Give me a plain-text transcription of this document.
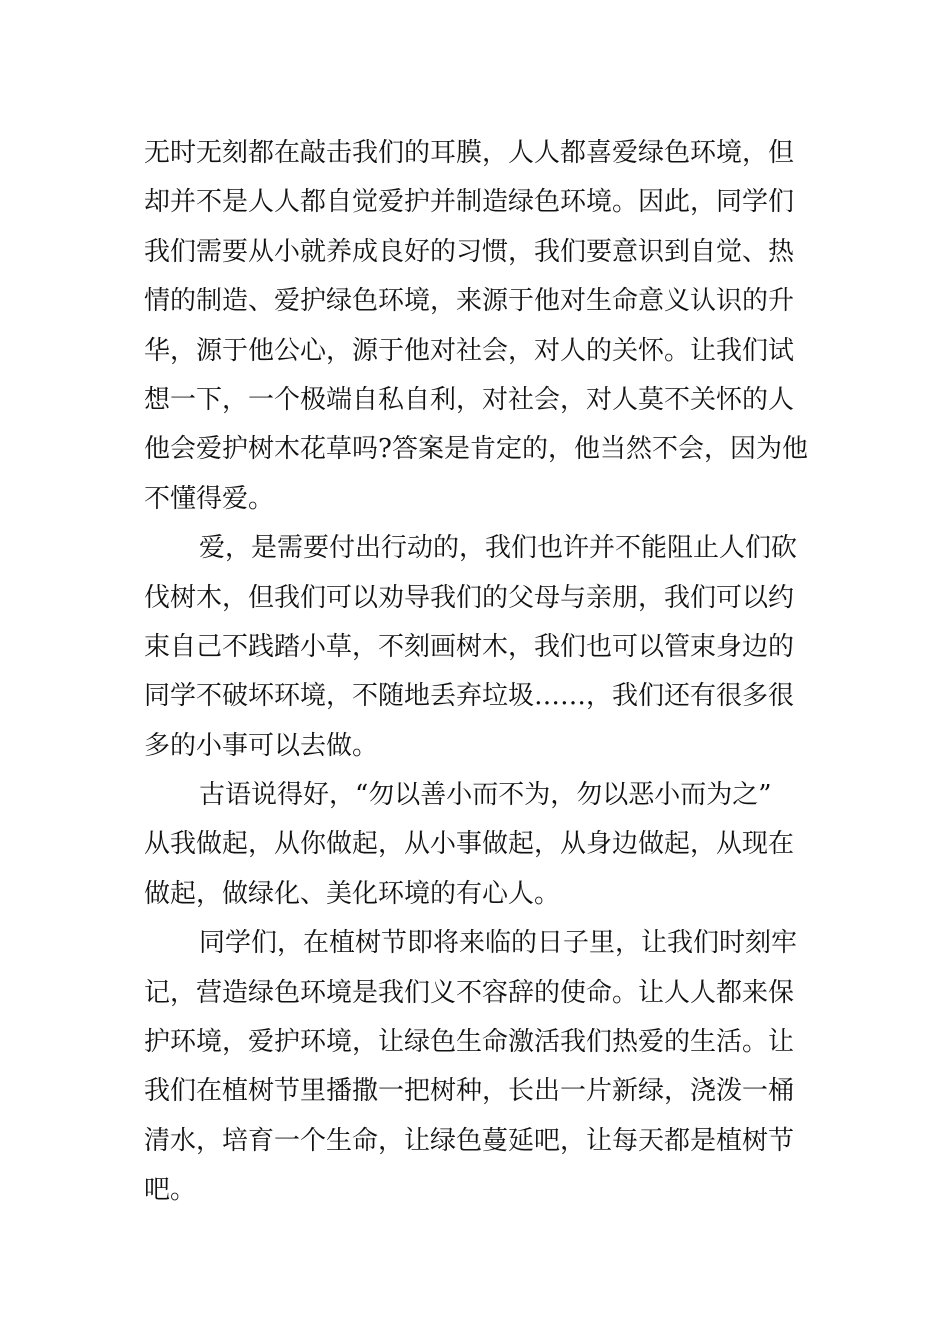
无时无刻都在敲击我们的耳膜，人人都喜爱绿色环境，但
却并不是人人都自觉爱护并制造绿色环境。因此，同学们
我们需要从小就养成良好的习惯，我们要意识到自觉、热
情的制造、爱护绿色环境，来源于他对生命意义认识的升
华，源于他公心，源于他对社会，对人的关怀。让我们试
想一下，一个极端自私自利，对社会，对人莫不关怀的人
他会爱护树木花草吗?答案是肯定的，他当然不会，因为他
不懂得爱。
爱，是需要付出行动的，我们也许并不能阻止人们砍
伐树木，但我们可以劝导我们的父母与亲朋，我们可以约
束自己不践踏小草，不刻画树木，我们也可以管束身边的
同学不破坏环境，不随地丢弃垃圾……，我们还有很多很
多的小事可以去做。
古语说得好，“勿以善小而不为，勿以恶小而为之”
从我做起，从你做起，从小事做起，从身边做起，从现在
做起，做绿化、美化环境的有心人。
同学们，在植树节即将来临的日子里，让我们时刻牢
记，营造绿色环境是我们义不容辞的使命。让人人都来保
护环境，爱护环境，让绿色生命激活我们热爱的生活。让
我们在植树节里播撒一把树种，长出一片新绿，浇泼一桶
清水，培育一个生命，让绿色蔓延吧，让每天都是植树节
吧。
